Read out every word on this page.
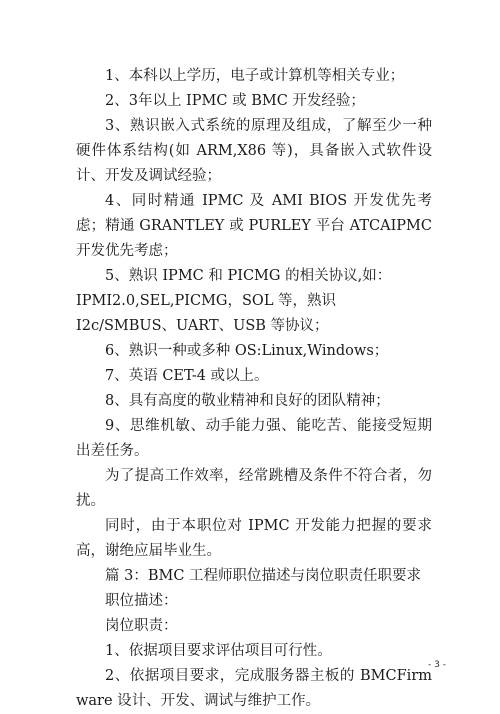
1、本科以上学历，电子或计算机等相关专业；

2、3年以上 IPMC 或 BMC 开发经验；

3、熟识嵌入式系统的原理及组成，了解至少一种硬件体系结构(如 ARM,X86 等)，具备嵌入式软件设计、开发及调试经验；

4、同时精通 IPMC 及 AMI BIOS 开发优先考虑；精通 GRANTLEY 或 PURLEY 平台 ATCAIPMC 开发优先考虑；

5、熟识 IPMC 和 PICMG 的相关协议,如：

IPMI2.0,SEL,PICMG，SOL 等，熟识

I2c/SMBUS、UART、USB 等协议；

6、熟识一种或多种 OS:Linux,Windows；

7、英语 CET-4 或以上。

8、具有高度的敬业精神和良好的团队精神；

9、思维机敏、动手能力强、能吃苦、能接受短期出差任务。

为了提高工作效率，经常跳槽及条件不符合者，勿扰。

同时，由于本职位对 IPMC 开发能力把握的要求高，谢绝应届毕业生。

篇 3：BMC 工程师职位描述与岗位职责任职要求

职位描述：

岗位职责：

1、依据项目要求评估项目可行性。

2、依据项目要求，完成服务器主板的 BMCFirmware 设计、开发、调试与维护工作。

- 3 -
